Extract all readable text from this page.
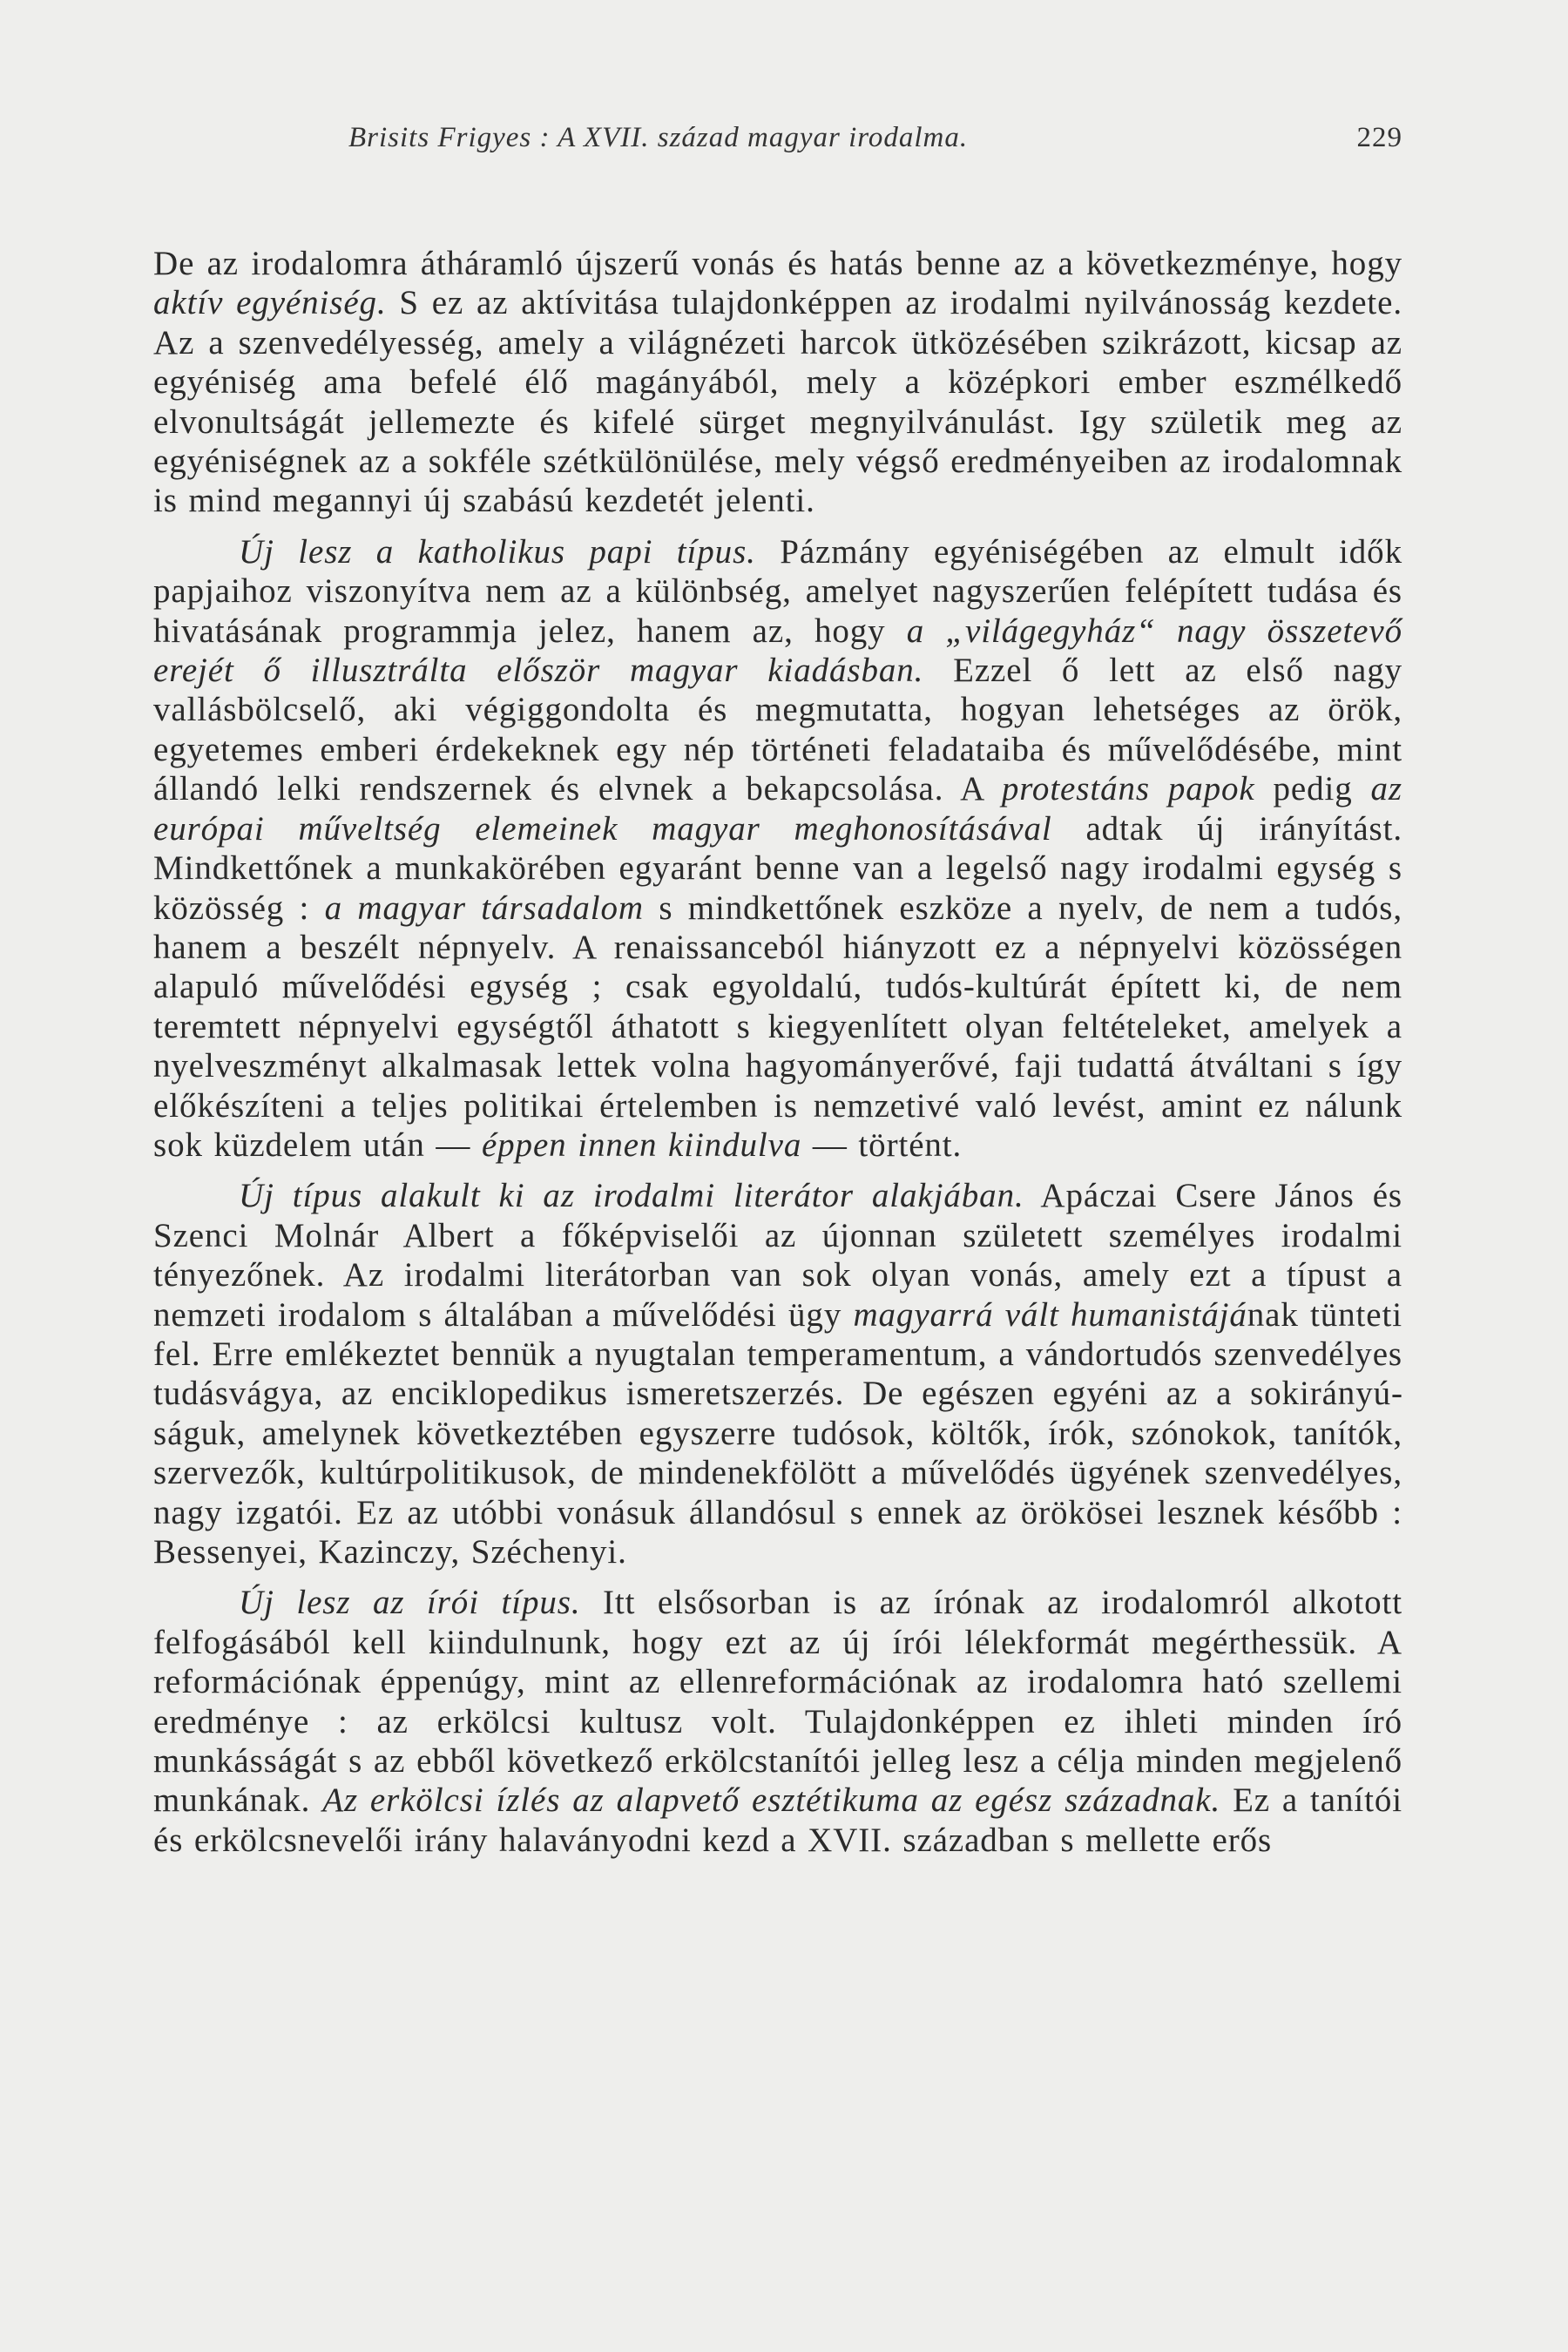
Brisits Frigyes : A XVII. század magyar irodalma.	229

De az irodalomra átháramló újszerű vonás és hatás benne az a következménye, hogy aktív egyéniség. S ez az aktívitása tulajdonképpen az irodalmi nyilvánosság kezdete. Az a szenvedélyesség, amely a világnézeti harcok ütközésében szikrázott, kicsap az egyéniség ama befelé élő magányából, mely a középkori ember eszmélkedő elvonultságát jellemezte és kifelé sürget megnyilvánulást. Igy születik meg az egyéniségnek az a sokféle szétkülönülése, mely végső eredményeiben az irodalomnak is mind megannyi új szabású kezdetét jelenti.

Új lesz a katholikus papi típus. Pázmány egyéniségében az elmult idők papjaihoz viszonyítva nem az a különbség, amelyet nagyszerűen felépített tudása és hivatásának programmja jelez, hanem az, hogy a „világegyház“ nagy összetevő erejét ő illusztrálta először magyar kiadásban. Ezzel ő lett az első nagy vallásbölcselő, aki végiggondolta és megmutatta, hogyan lehetséges az örök, egyetemes emberi érdekeknek egy nép történeti feladataiba és művelődésébe, mint állandó lelki rendszernek és elvnek a bekapcsolása. A protestáns papok pedig az európai műveltség elemeinek magyar meghonosításával adtak új irányítást. Mindkettőnek a munkakörében egyaránt benne van a legelső nagy irodalmi egység s közösség : a magyar társadalom s mindkettőnek eszköze a nyelv, de nem a tudós, hanem a beszélt népnyelv. A renaissanceból hiányzott ez a népnyelvi közösségen alapuló művelődési egység ; csak egyoldalú, tudós-kultúrát épített ki, de nem teremtett népnyelvi egységtől áthatott s kiegyenlített olyan feltételeket, amelyek a nyelveszményt alkalmasak lettek volna hagyományerővé, faji tudattá átváltani s így előkészíteni a teljes politikai értelemben is nemzetivé való levést, amint ez nálunk sok küzdelem után — éppen innen kiindulva — történt.

Új típus alakult ki az irodalmi literátor alakjában. Apáczai Csere János és Szenci Molnár Albert a főképviselői az újonnan született személyes irodalmi tényezőnek. Az irodalmi literátorban van sok olyan vonás, amely ezt a típust a nemzeti irodalom s általában a művelődési ügy magyarrá vált humanistájának tünteti fel. Erre emlékeztet bennük a nyugtalan temperamentum, a vándortudós szenvedélyes tudásvágya, az enciklopedikus ismeretszerzés. De egészen egyéni az a sokirányúságuk, amelynek következtében egyszerre tudósok, költők, írók, szónokok, tanítók, szervezők, kultúrpolitikusok, de mindenekfölött a művelődés ügyének szenvedélyes, nagy izgatói. Ez az utóbbi vonásuk állandósul s ennek az örökösei lesznek később : Bessenyei, Kazinczy, Széchenyi.

Új lesz az írói típus. Itt elsősorban is az írónak az irodalomról alkotott felfogásából kell kiindulnunk, hogy ezt az új írói lélekformát megérthessük. A reformációnak éppenúgy, mint az ellenreformációnak az irodalomra ható szellemi eredménye : az erkölcsi kultusz volt. Tulajdonképpen ez ihleti minden író munkásságát s az ebből következő erkölcstanítói jelleg lesz a célja minden megjelenő munkának. Az erkölcsi ízlés az alapvető esztétikuma az egész századnak. Ez a tanítói és erkölcsnevelői irány halaványodni kezd a XVII. században s mellette erős
